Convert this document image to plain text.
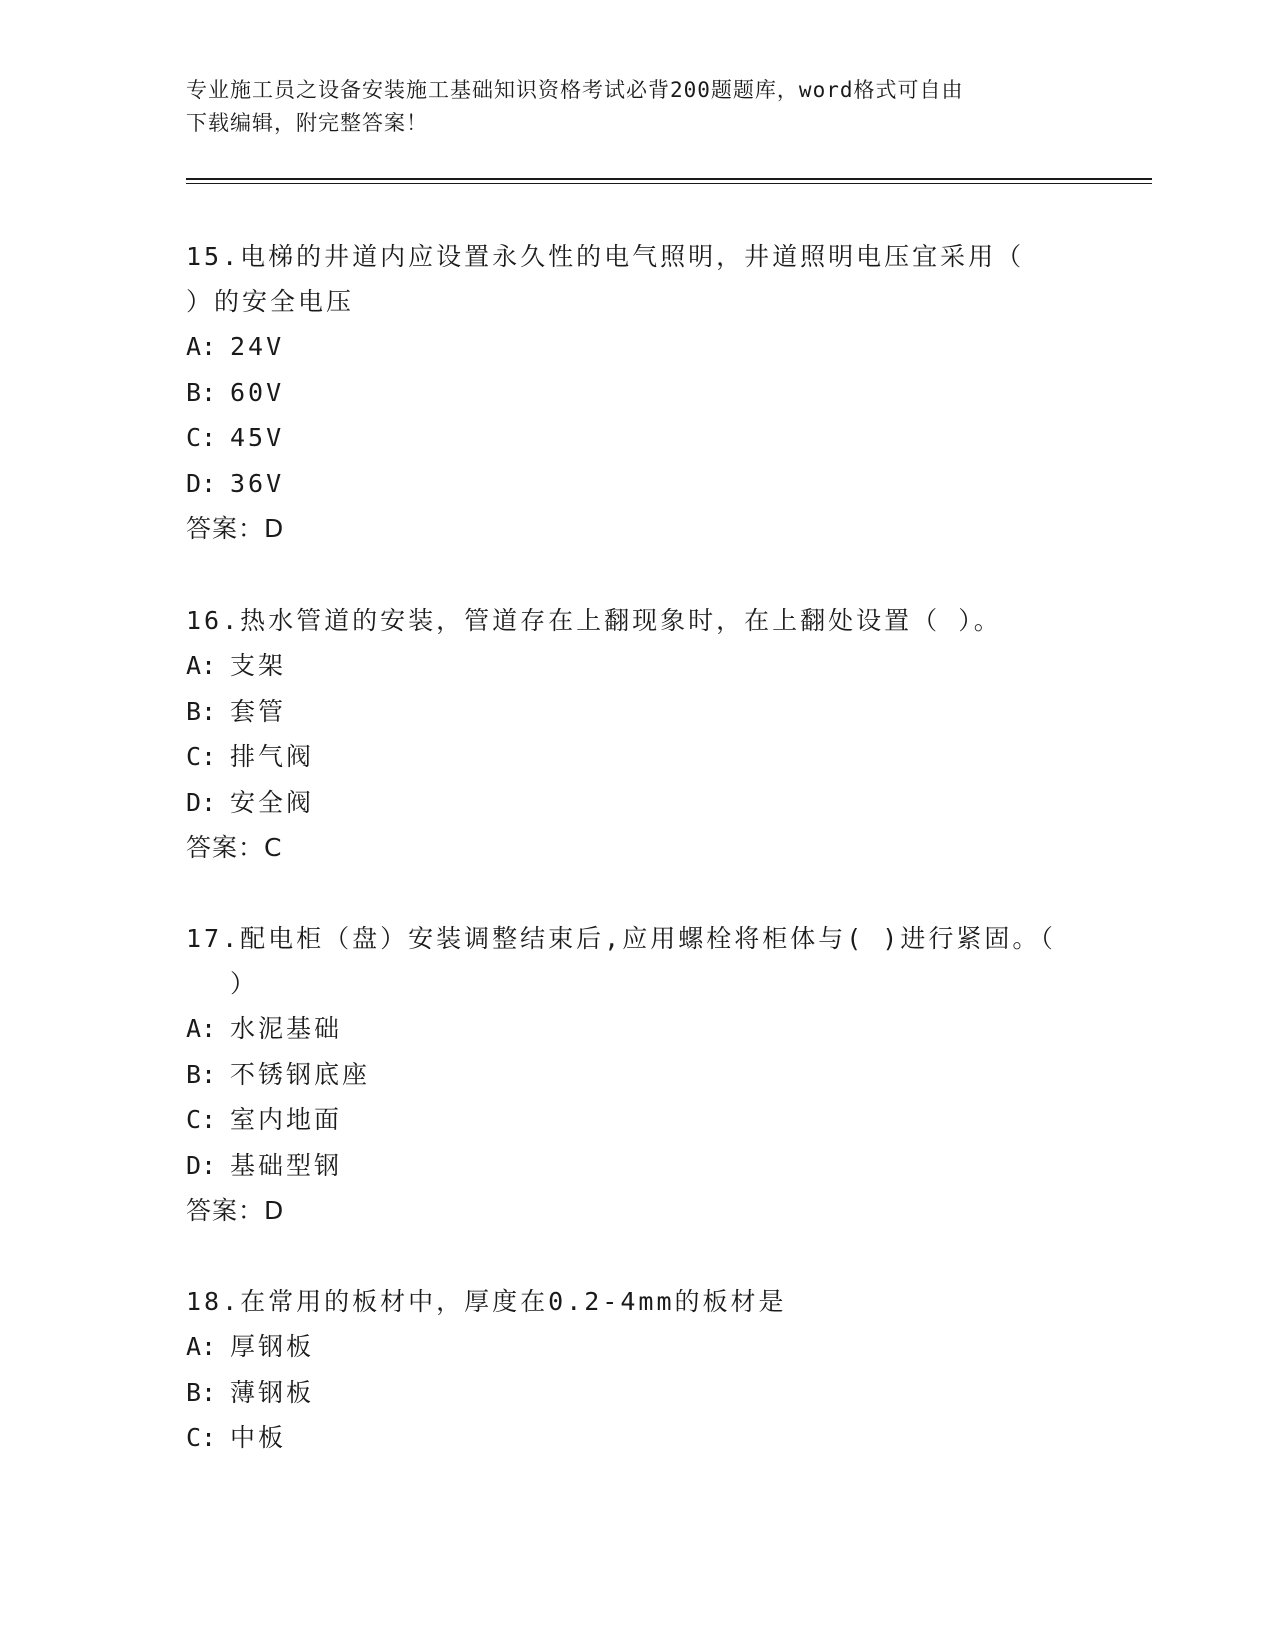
专业施工员之设备安装施工基础知识资格考试必背200题题库，word格式可自由
下载编辑，附完整答案！

15.电梯的井道内应设置永久性的电气照明，井道照明电压宜采用（
）的安全电压

A: 24V

B: 60V

C: 45V

D: 36V

答案：D

16.热水管道的安装，管道存在上翻现象时，在上翻处设置（ ）。

A: 支架

B: 套管

C: 排气阀

D: 安全阀

答案：C

17.配电柜（盘）安装调整结束后,应用螺栓将柜体与( )进行紧固。（
）

A: 水泥基础

B: 不锈钢底座

C: 室内地面

D: 基础型钢

答案：D

18.在常用的板材中，厚度在0.2-4mm的板材是

A: 厚钢板

B: 薄钢板

C: 中板
